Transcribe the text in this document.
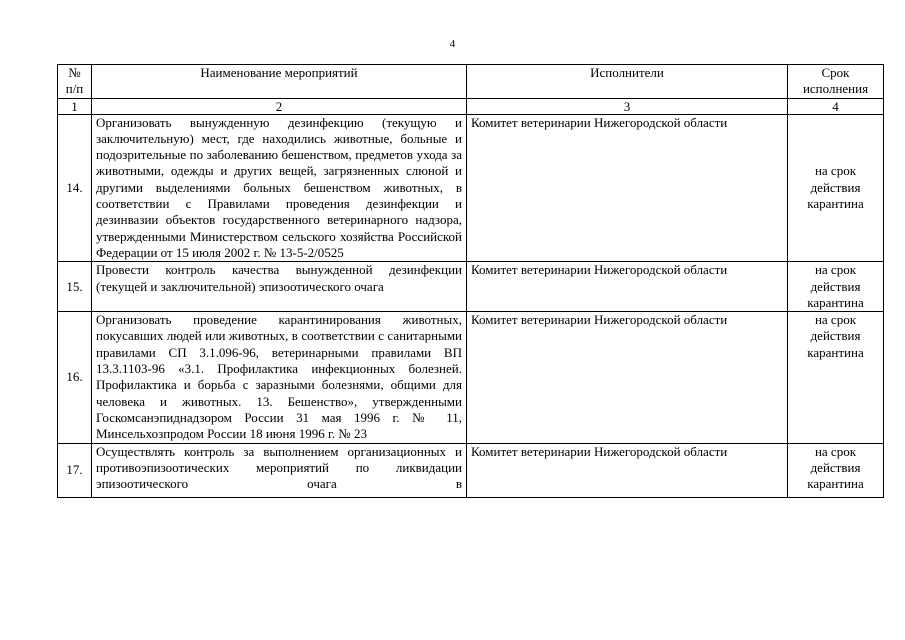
4
№ п/п	Наименование мероприятий	Исполнители	Срок исполнения
1	2	3	4
14.	Организовать вынужденную дезинфекцию (текущую и заключительную) мест, где находились животные, больные и подозрительные по заболеванию бешенством, предметов ухода за животными, одежды и других вещей, загрязненных слюной и другими выделениями больных бешенством животных, в соответствии с Правилами проведения дезинфекции и дезинвазии объектов государственного ветеринарного надзора, утвержденными Министерством сельского хозяйства Российской Федерации от 15 июля 2002 г. № 13-5-2/0525	Комитет ветеринарии Нижегородской области	на срок действия карантина
15.	Провести контроль качества вынужденной дезинфекции (текущей и заключительной) эпизоотического очага	Комитет ветеринарии Нижегородской области	на срок действия карантина
16.	Организовать проведение карантинирования животных, покусавших людей или животных, в соответствии с санитарными правилами СП 3.1.096-96, ветеринарными правилами ВП 13.3.1103-96 «3.1. Профилактика инфекционных болезней. Профилактика и борьба с заразными болезнями, общими для человека и животных. 13. Бешенство», утвержденными Госкомсанэпиднадзором России 31 мая 1996 г. № 11, Минсельхозпродом России 18 июня 1996 г. № 23	Комитет ветеринарии Нижегородской области	на срок действия карантина

17.	Осуществлять контроль за выполнением организационных и противоэпизоотических мероприятий по ликвидации эпизоотического очага в	Комитет ветеринарии Нижегородской области	на срок действия карантина
